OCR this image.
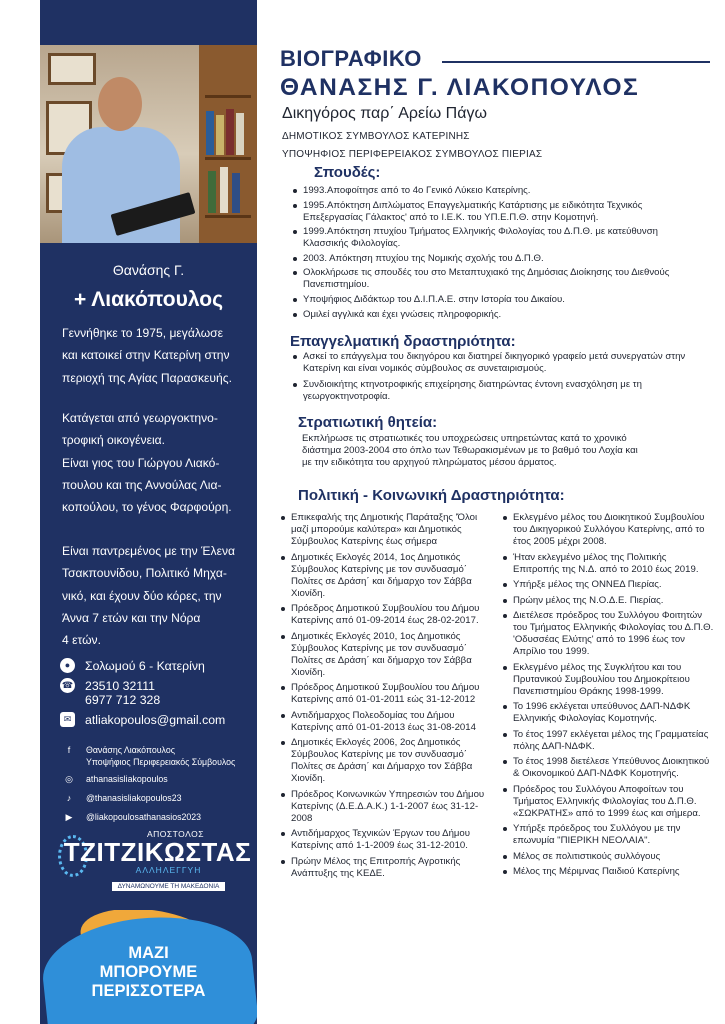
Θανάσης Γ.
+ Λιακόπουλος
Γεννήθηκε το 1975, μεγάλωσε
και κατοικεί στην Κατερίνη στην
περιοχή της Αγίας Παρασκευής.
Κατάγεται από γεωργοκτηνο-
τροφική οικογένεια.
Είναι γιος του Γιώργου Λιακό-
πουλου και της Αννούλας Λια-
κοπούλου, το γένος Φαρφούρη.
Είναι παντρεμένος με την Έλενα
Τσακπουνίδου, Πολιτικό Μηχα-
νικό, και έχουν δύο κόρες, την
Άννα 7 ετών και την Νόρα
4 ετών.
●	Σολωμού 6 - Κατερίνη
☎ 23510 32111
6977 712 328
✉	atliakopoulos@gmail.com
f	Θανάσης Λιακόπουλος
Υποψήφιος Περιφερειακός Σύμβουλος
◎	athanasisliakopoulos
♪	@thanasisliakopoulos23
▶	@liakopoulosathanasios2023
ΑΠΟΣΤΟΛΟΣ
ΤΖΙΤΖΙΚΩΣΤΑΣ
ΑΛΛΗΛΕΓΓΥΗ
ΔΥΝΑΜΩΝΟΥΜΕ ΤΗ ΜΑΚΕΔΟΝΙΑ
ΜΑΖΙ
ΜΠΟΡΟΥΜΕ
ΠΕΡΙΣΣΟΤΕΡΑ
ΒΙΟΓΡΑΦΙΚΟ
ΘΑΝΑΣΗΣ Γ. ΛΙΑΚΟΠΟΥΛΟΣ
Δικηγόρος παρ΄ Αρείω Πάγω
ΔΗΜΟΤΙΚΟΣ ΣΥΜΒΟΥΛΟΣ ΚΑΤΕΡΙΝΗΣ
ΥΠΟΨΗΦΙΟΣ ΠΕΡΙΦΕΡΕΙΑΚΟΣ ΣΥΜΒΟΥΛΟΣ ΠΙΕΡΙΑΣ
Σπουδές:
1993.Αποφοίτησε από το 4ο Γενικό Λύκειο Κατερίνης.
1995.Απόκτηση Διπλώματος Επαγγελματικής Κατάρτισης με ειδικότητα Τεχνικός Επεξεργασίας Γάλακτος' από το Ι.Ε.Κ. του ΥΠ.Ε.Π.Θ. στην Κομοτηνή.
1999.Απόκτηση πτυχίου Τμήματος Ελληνικής Φιλολογίας του Δ.Π.Θ. με κατεύθυνση Κλασσικής Φιλολογίας.
2003. Απόκτηση πτυχίου της Νομικής σχολής του Δ.Π.Θ.
Ολοκλήρωσε τις σπουδές του στο Μεταπτυχιακό της Δημόσιας Διοίκησης του Διεθνούς Πανεπιστημίου.
Υποψήφιος Διδάκτωρ του Δ.Ι.Π.Α.Ε. στην Ιστορία του Δικαίου.
Ομιλεί αγγλικά και έχει γνώσεις πληροφορικής.
Επαγγελματική δραστηριότητα:
Ασκεί το επάγγελμα του δικηγόρου και διατηρεί δικηγορικό γραφείο μετά συνεργατών στην Κατερίνη και είναι νομικός σύμβουλος σε συνεταιρισμούς.
Συνδιοικήτης κτηνοτροφικής επιχείρησης διατηρώντας έντονη ενασχόληση με τη γεωργοκτηνοτροφία.
Στρατιωτική θητεία:
Εκπλήρωσε τις στρατιωτικές του υποχρεώσεις υπηρετώντας κατά το χρονικό
διάστημα 2003-2004 στο όπλο των Τεθωρακισμένων με το βαθμό του Λοχία και
με την ειδικότητα του αρχηγού πληρώματος μέσου άρματος.
Πολιτική - Κοινωνική Δραστηριότητα:
Επικεφαλής της Δημοτικής Παράταξης 'Όλοι μαζί μπορούμε καλύτερα» και Δημοτικός Σύμβουλος Κατερίνης έως σήμερα
Δημοτικές Εκλογές 2014, 1ος Δημοτικός Σύμβουλος Κατερίνης με τον συνδυασμό΄ Πολίτες σε Δράση΄ και δήμαρχο τον Σάββα Χιονίδη.
Πρόεδρος Δημοτικού Συμβουλίου του Δήμου Κατερίνης από 01-09-2014 έως 28-02-2017.
Δημοτικές Εκλογές 2010, 1ος Δημοτικός Σύμβουλος Κατερίνης με τον συνδυασμό΄ Πολίτες σε Δράση΄ και δήμαρχο τον Σάββα Χιονίδη.
Πρόεδρος Δημοτικού Συμβουλίου του Δήμου Κατερίνης από 01-01-2011 εώς 31-12-2012
Αντιδήμαρχος Πολεοδομίας του Δήμου Κατερίνης από 01-01-2013 έως 31-08-2014
Δημοτικές Εκλογές 2006, 2ος Δημοτικός Σύμβουλος Κατερίνης με τον συνδυασμό΄ Πολίτες σε Δράση΄ και Δήμαρχο τον Σάββα Χιονίδη.
Πρόεδρος Κοινωνικών Υπηρεσιών του Δήμου Κατερίνης (Δ.Ε.Δ.Α.Κ.) 1-1-2007 έως 31-12-2008
Αντιδήμαρχος Τεχνικών Έργων του Δήμου Κατερίνης από 1-1-2009 έως 31-12-2010.
Πρώην Μέλος της Επιτροπής Αγροτικής Ανάπτυξης της ΚΕΔΕ.
Εκλεγμένο μέλος του Διοικητικού Συμβουλίου του Δικηγορικού Συλλόγου Κατερίνης, από το έτος 2005 μέχρι 2008.
Ήταν εκλεγμένο μέλος της Πολιτικής Επιτροπής της Ν.Δ. από το 2010 έως 2019.
Υπήρξε μέλος της ΟΝΝΕΔ Πιερίας.
Πρώην μέλος της Ν.Ο.Δ.Ε. Πιερίας.
Διετέλεσε πρόεδρος του Συλλόγου Φοιτητών του Τμήματος Ελληνικής Φιλολογίας του Δ.Π.Θ. 'Οδυσσέας Ελύτης' από το 1996 έως τον Απρίλιο του 1999.
Εκλεγμένο μέλος της Συγκλήτου και του Πρυτανικού Συμβουλίου του Δημοκρίτειου Πανεπιστημίου Θράκης 1998-1999.
Το 1996 εκλέγεται υπεύθυνος ΔΑΠ-ΝΔΦΚ Ελληνικής Φιλολογίας Κομοτηνής.
Το έτος 1997 εκλέγεται μέλος της Γραμματείας πόλης ΔΑΠ-ΝΔΦΚ.
Το έτος 1998 διετέλεσε Υπεύθυνος Διοικητικού & Οικονομικού ΔΑΠ-ΝΔΦΚ Κομοτηνής.
Πρόεδρος του Συλλόγου Αποφοίτων του Τμήματος Ελληνικής Φιλολογίας του Δ.Π.Θ. «ΣΩΚΡΑΤΗΣ» από το 1999 έως και σήμερα.
Υπήρξε πρόεδρος του Συλλόγου με την επωνυμία "ΠΙΕΡΙΚΗ ΝΕΟΛΑΙΑ".
Μέλος σε πολιτιστικούς συλλόγους
Μέλος της Μέριμνας Παιδιού Κατερίνης
